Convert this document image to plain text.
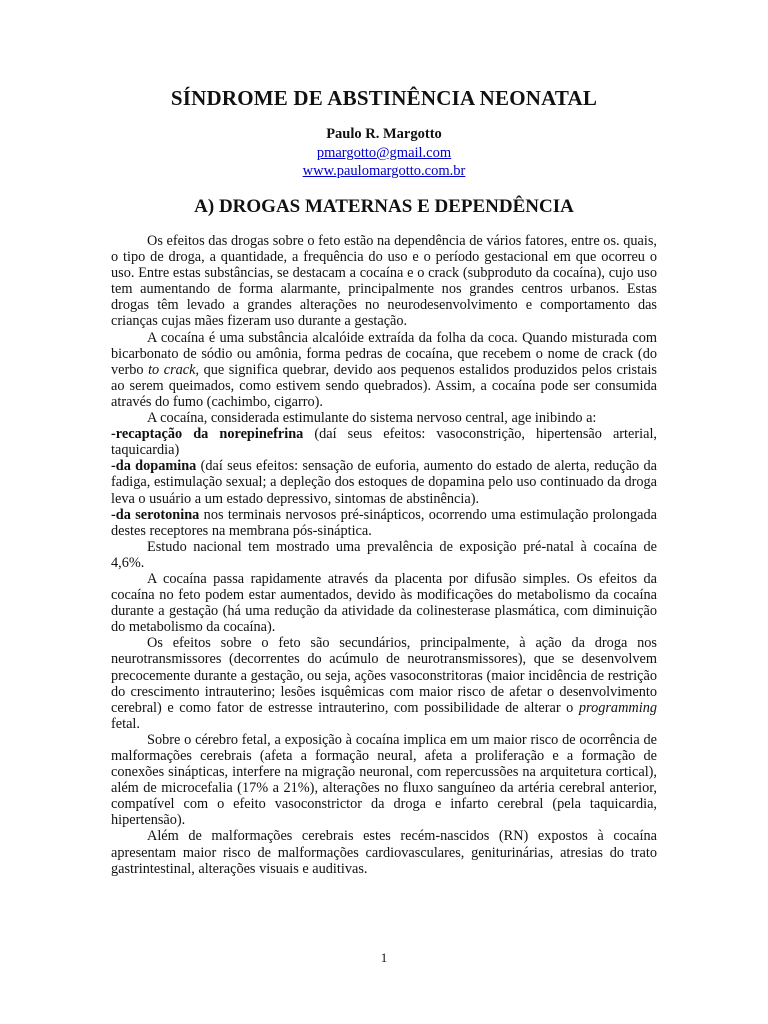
SÍNDROME DE ABSTINÊNCIA NEONATAL
Paulo R. Margotto
pmargotto@gmail.com
www.paulomargotto.com.br
A) DROGAS MATERNAS E DEPENDÊNCIA

Os efeitos das drogas sobre o feto estão na dependência de vários fatores, entre os. quais, o tipo de droga, a quantidade, a frequência do uso e o período gestacional em que ocorreu o uso. Entre estas substâncias, se destacam a cocaína e o crack (subproduto da cocaína), cujo uso tem aumentando de forma alarmante, principalmente nos grandes centros urbanos. Estas drogas têm levado a grandes alterações no neurodesenvolvimento e comportamento das crianças cujas mães fizeram uso durante a gestação.

A cocaína é uma substância alcalóide extraída da folha da coca. Quando misturada com bicarbonato de sódio ou amônia, forma pedras de cocaína, que recebem o nome de crack (do verbo to crack, que significa quebrar, devido aos pequenos estalidos produzidos pelos cristais ao serem queimados, como estivem sendo quebrados). Assim, a cocaína pode ser consumida através do fumo (cachimbo, cigarro).

A cocaína, considerada estimulante do sistema nervoso central, age inibindo a:

-recaptação da norepinefrina (daí seus efeitos: vasoconstrição, hipertensão arterial, taquicardia)

-da dopamina (daí seus efeitos: sensação de euforia, aumento do estado de alerta, redução da fadiga, estimulação sexual; a depleção dos estoques de dopamina pelo uso continuado da droga leva o usuário a um estado depressivo, sintomas de abstinência).

-da serotonina nos terminais nervosos pré-sinápticos, ocorrendo uma estimulação prolongada destes receptores na membrana pós-sináptica.

Estudo nacional tem mostrado uma prevalência de exposição pré-natal à cocaína de 4,6%.

A cocaína passa rapidamente através da placenta por difusão simples. Os efeitos da cocaína no feto podem estar aumentados, devido às modificações do metabolismo da cocaína durante a gestação (há uma redução da atividade da colinesterase plasmática, com diminuição do metabolismo da cocaína).

Os efeitos sobre o feto são secundários, principalmente, à ação da droga nos neurotransmissores (decorrentes do acúmulo de neurotransmissores), que se desenvolvem precocemente durante a gestação, ou seja, ações vasoconstritoras (maior incidência de restrição do crescimento intrauterino; lesões isquêmicas com maior risco de afetar o desenvolvimento cerebral) e como fator de estresse intrauterino, com possibilidade de alterar o programming fetal.

Sobre o cérebro fetal, a exposição à cocaína implica em um maior risco de ocorrência de malformações cerebrais (afeta a formação neural, afeta a proliferação e a formação de conexões sinápticas, interfere na migração neuronal, com repercussões na arquitetura cortical), além de microcefalia (17% a 21%), alterações no fluxo sanguíneo da artéria cerebral anterior, compatível com o efeito vasoconstrictor da droga e infarto cerebral (pela taquicardia, hipertensão).

Além de malformações cerebrais estes recém-nascidos (RN) expostos à cocaína apresentam maior risco de malformações cardiovasculares, geniturinárias, atresias do trato gastrintestinal, alterações visuais e auditivas.

1
